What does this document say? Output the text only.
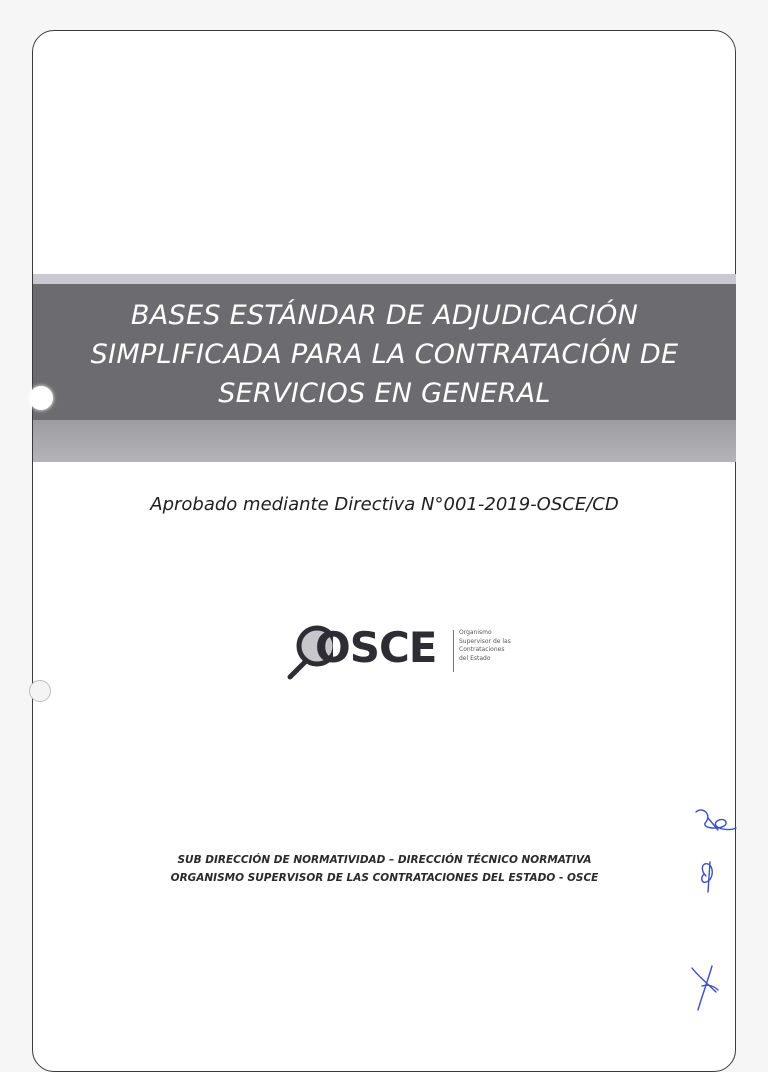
BASES ESTÁNDAR DE ADJUDICACIÓN
SIMPLIFICADA PARA LA CONTRATACIÓN DE
SERVICIOS EN GENERAL
Aprobado mediante Directiva N°001-2019-OSCE/CD
OSCE	Organismo
Supervisor de las
Contrataciones
del Estado
SUB DIRECCIÓN DE NORMATIVIDAD – DIRECCIÓN TÉCNICO NORMATIVA
ORGANISMO SUPERVISOR DE LAS CONTRATACIONES DEL ESTADO - OSCE
